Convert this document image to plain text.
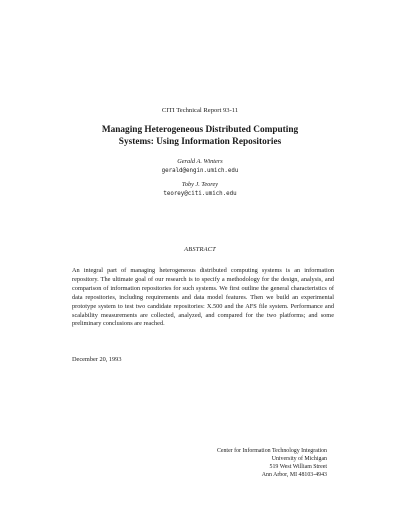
CITI Technical Report 93-11
Managing Heterogeneous Distributed Computing
Systems: Using Information Repositories
Gerald A. Winters
gerald@engin.umich.edu
Toby J. Teorey
teorey@citi.umich.edu
ABSTRACT
An integral part of managing heterogeneous distributed computing systems is an information repository. The ultimate goal of our research is to specify a methodology for the design, analysis, and comparison of information repositories for such systems. We first outline the general characteristics of data repositories, including requirements and data model features. Then we build an experimental prototype system to test two candidate repositories: X.500 and the AFS file system. Performance and scalability measurements are collected, analyzed, and compared for the two platforms; and some preliminary conclusions are reached.
December 20, 1993
Center for Information Technology Integration
University of Michigan
519 West William Street
Ann Arbor, MI 48103-4943
